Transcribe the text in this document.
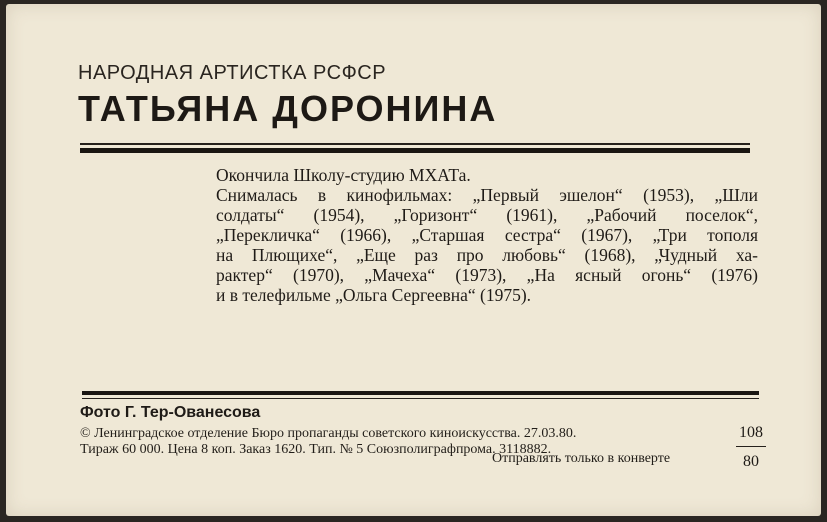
НАРОДНАЯ АРТИСТКА РСФСР
ТАТЬЯНА ДОРОНИНА
Окончила Школу-студию МХАТа.
Снималась в кинофильмах: „Первый эшелон“ (1953), „Шли
солдаты“ (1954), „Горизонт“ (1961), „Рабочий поселок“,
„Перекличка“ (1966), „Старшая сестра“ (1967), „Три тополя
на Плющихе“, „Еще раз про любовь“ (1968), „Чудный ха-
рактер“ (1970), „Мачеха“ (1973), „На ясный огонь“ (1976)
и в телефильме „Ольга Сергеевна“ (1975).
Фото Г. Тер-Ованесова
© Ленинградское отделение Бюро пропаганды советского киноискусства. 27.03.80.
Тираж 60 000. Цена 8 коп. Заказ 1620. Тип. № 5 Союзполиграфпрома. 3118882.
Отправлять только в конверте
108
80
